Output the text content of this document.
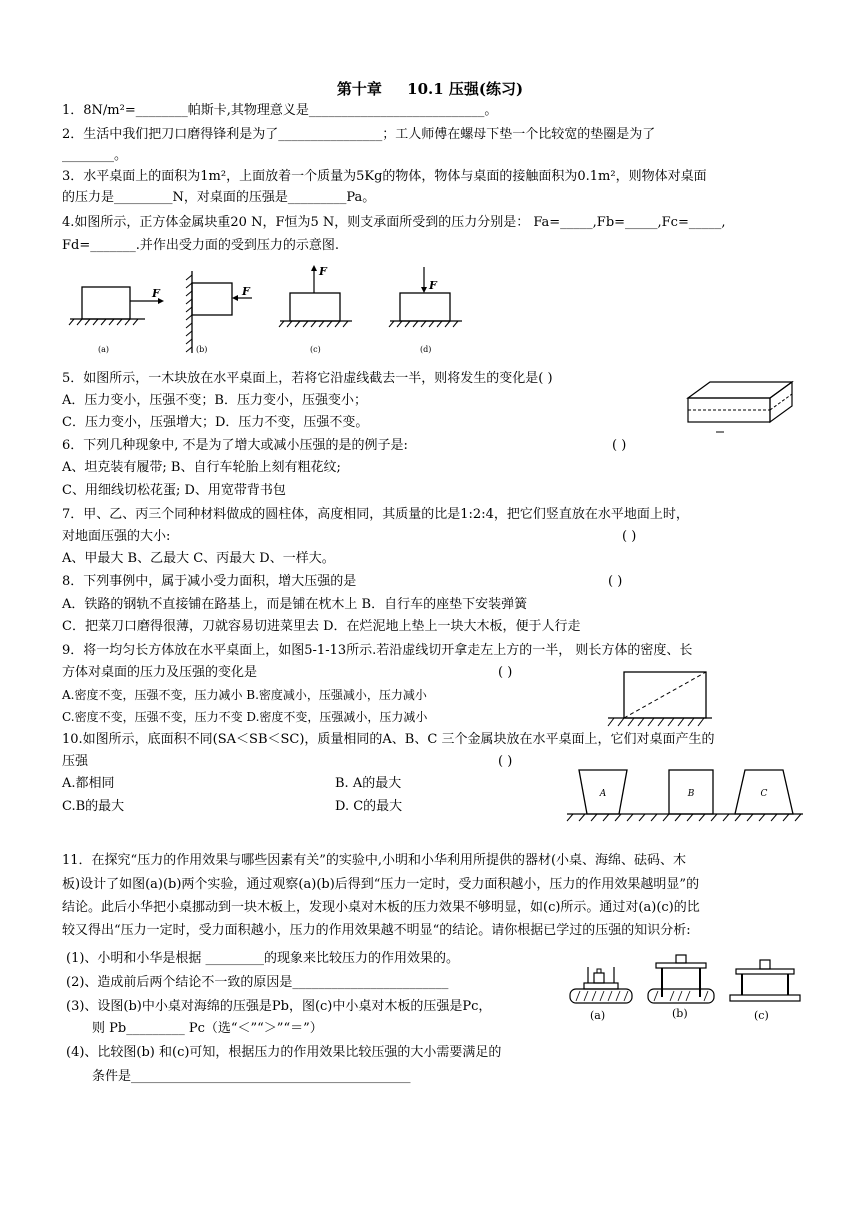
第十章 10.1 压强(练习)
1．8N/m²=________帕斯卡,其物理意义是___________________________。
2．生活中我们把刀口磨得锋利是为了________________；工人师傅在螺母下垫一个比较宽的垫圈是为了
________。
3．水平桌面上的面积为1m²，上面放着一个质量为5Kg的物体，物体与桌面的接触面积为0.1m²，则物体对桌面
的压力是_________N，对桌面的压强是_________Pa。
4.如图所示，正方体金属块重20 N，F恒为5 N，则支承面所受到的压力分别是： Fa=_____,Fb=_____,Fc=_____,
Fd=_______.并作出受力面的受到压力的示意图.
F
(a)
F
(b)
F
(c)
F
(d)
5．如图所示，一木块放在水平桌面上，若将它沿虚线截去一半，则将发生的变化是( )
A．压力变小，压强不变；B．压力变小，压强变小；
C．压力变小，压强增大；D．压力不变，压强不变。
6．下列几种现象中, 不是为了增大或减小压强的是的例子是:	( )
A、坦克装有履带; B、自行车轮胎上刻有粗花纹;
C、用细线切松花蛋; D、用宽带背书包
7．甲、乙、丙三个同种材料做成的圆柱体，高度相同，其质量的比是1:2:4，把它们竖直放在水平地面上时，
对地面压强的大小:	( )
A、甲最大 B、乙最大 C、丙最大 D、一样大。
8．下列事例中，属于减小受力面积，增大压强的是	( )
A．铁路的钢轨不直接铺在路基上，而是铺在枕木上 B．自行车的座垫下安装弹簧
C．把菜刀口磨得很薄，刀就容易切进菜里去 D．在烂泥地上垫上一块大木板，便于人行走
9．将一均匀长方体放在水平桌面上，如图5-1-13所示.若沿虚线切开拿走左上方的一半， 则长方体的密度、长
方体对桌面的压力及压强的变化是	( )
A.密度不变，压强不变，压力减小 B.密度减小，压强减小，压力减小
C.密度不变，压强不变，压力不变 D.密度不变，压强减小，压力减小
10.如图所示，底面积不同(SA＜SB＜SC)，质量相同的A、B、C 三个金属块放在水平桌面上，它们对桌面产生的
压强	( )
A.都相同	B. A的最大
C.B的最大	D. C的最大
A	B	C
11．在探究“压力的作用效果与哪些因素有关”的实验中,小明和小华利用所提供的器材(小桌、海绵、砝码、木
板)设计了如图(a)(b)两个实验，通过观察(a)(b)后得到“压力一定时，受力面积越小，压力的作用效果越明显”的
结论。此后小华把小桌挪动到一块木板上，发现小桌对木板的压力效果不够明显，如(c)所示。通过对(a)(c)的比
较又得出“压力一定时，受力面积越小，压力的作用效果越不明显“的结论。请你根据已学过的压强的知识分析:
(1)、小明和小华是根据 _________的现象来比较压力的作用效果的。
(2)、造成前后两个结论不一致的原因是________________________
(3)、设图(b)中小桌对海绵的压强是Pb，图(c)中小桌对木板的压强是Pc，
则 Pb_________ Pc（选“＜”“＞”“＝”）
(4)、比较图(b) 和(c)可知，根据压力的作用效果比较压强的大小需要满足的
条件是___________________________________________
(a)	(b)	(c)
